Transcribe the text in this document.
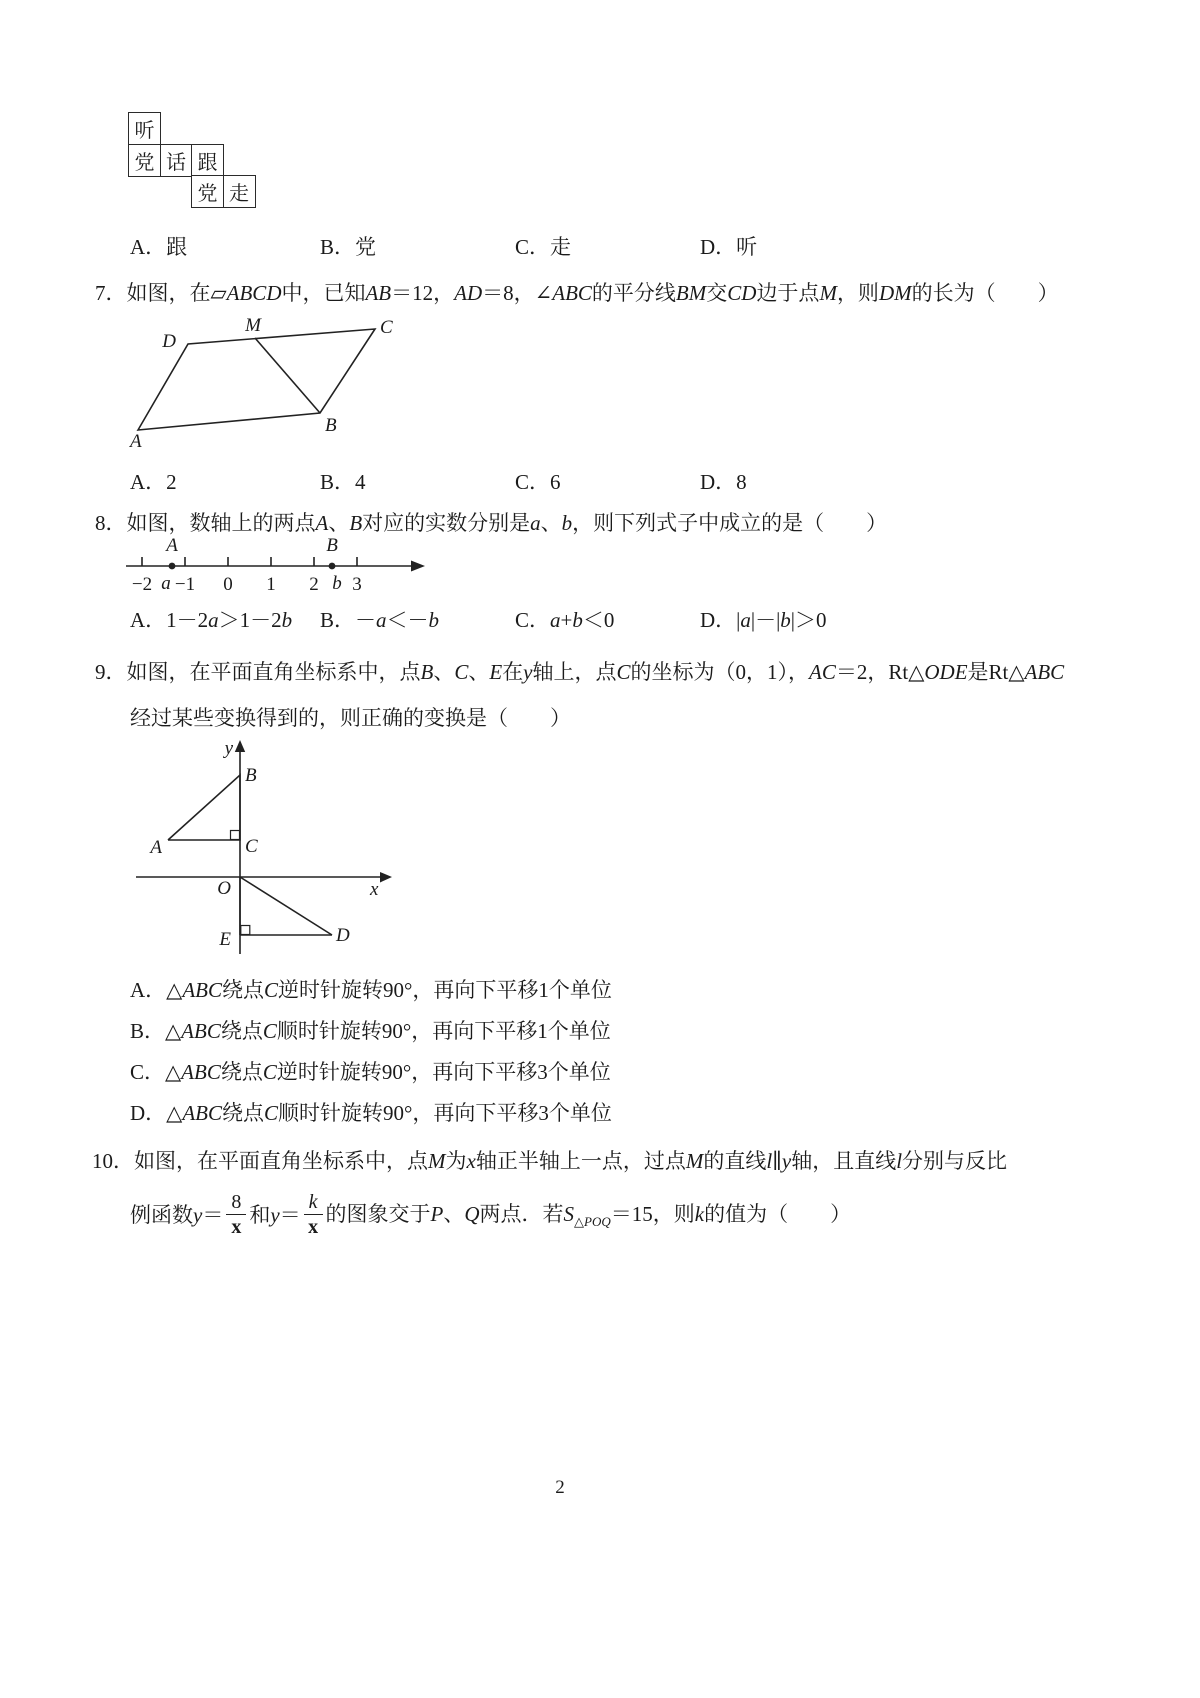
听
党 话 跟
党 走
A．跟	B．党	C．走	D．听
7．如图，在▱ABCD中，已知AB＝12，AD＝8，∠ABC的平分线BM交CD边于点M，则DM的长为（　　）
D
M	C
A
B
A．2	B．4	C．6	D．8
8．如图，数轴上的两点A、B对应的实数分别是a、b，则下列式子中成立的是（　　）
A	B
−2 −1 0 1 2 3
a	b
A．1－2a＞1－2b	B．－a＜－b	C．a+b＜0	D．|a|－|b|＞0
9．如图，在平面直角坐标系中，点B、C、E在y轴上，点C的坐标为（0，1），AC＝2，Rt△ODE是Rt△ABC
经过某些变换得到的，则正确的变换是（　　）
y
x
O
B
A	C
E	D
A．△ABC绕点C逆时针旋转90°，再向下平移1个单位
B．△ABC绕点C顺时针旋转90°，再向下平移1个单位
C．△ABC绕点C逆时针旋转90°，再向下平移3个单位
D．△ABC绕点C顺时针旋转90°，再向下平移3个单位
10．如图，在平面直角坐标系中，点M为x轴正半轴上一点，过点M的直线l∥y轴，且直线l分别与反比
例函数$y= \frac{8}{x}$ 和$y= \frac{k}{x}$ 的图象交于P、Q两点．若$S_{\triangle POQ}=15$，则k的值为（　　）
2
